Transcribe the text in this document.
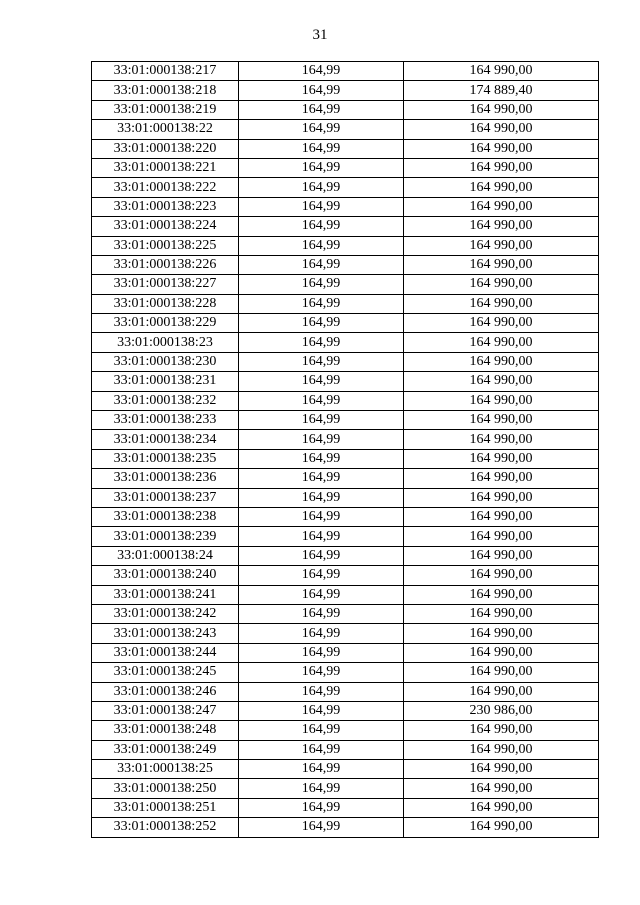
31
33:01:000138:217	164,99	164 990,00
33:01:000138:218	164,99	174 889,40
33:01:000138:219	164,99	164 990,00
33:01:000138:22	164,99	164 990,00
33:01:000138:220	164,99	164 990,00
33:01:000138:221	164,99	164 990,00
33:01:000138:222	164,99	164 990,00
33:01:000138:223	164,99	164 990,00
33:01:000138:224	164,99	164 990,00
33:01:000138:225	164,99	164 990,00
33:01:000138:226	164,99	164 990,00
33:01:000138:227	164,99	164 990,00
33:01:000138:228	164,99	164 990,00
33:01:000138:229	164,99	164 990,00
33:01:000138:23	164,99	164 990,00
33:01:000138:230	164,99	164 990,00
33:01:000138:231	164,99	164 990,00
33:01:000138:232	164,99	164 990,00
33:01:000138:233	164,99	164 990,00
33:01:000138:234	164,99	164 990,00
33:01:000138:235	164,99	164 990,00
33:01:000138:236	164,99	164 990,00
33:01:000138:237	164,99	164 990,00
33:01:000138:238	164,99	164 990,00
33:01:000138:239	164,99	164 990,00
33:01:000138:24	164,99	164 990,00
33:01:000138:240	164,99	164 990,00
33:01:000138:241	164,99	164 990,00
33:01:000138:242	164,99	164 990,00
33:01:000138:243	164,99	164 990,00
33:01:000138:244	164,99	164 990,00
33:01:000138:245	164,99	164 990,00
33:01:000138:246	164,99	164 990,00
33:01:000138:247	164,99	230 986,00
33:01:000138:248	164,99	164 990,00
33:01:000138:249	164,99	164 990,00
33:01:000138:25	164,99	164 990,00
33:01:000138:250	164,99	164 990,00
33:01:000138:251	164,99	164 990,00
33:01:000138:252	164,99	164 990,00
